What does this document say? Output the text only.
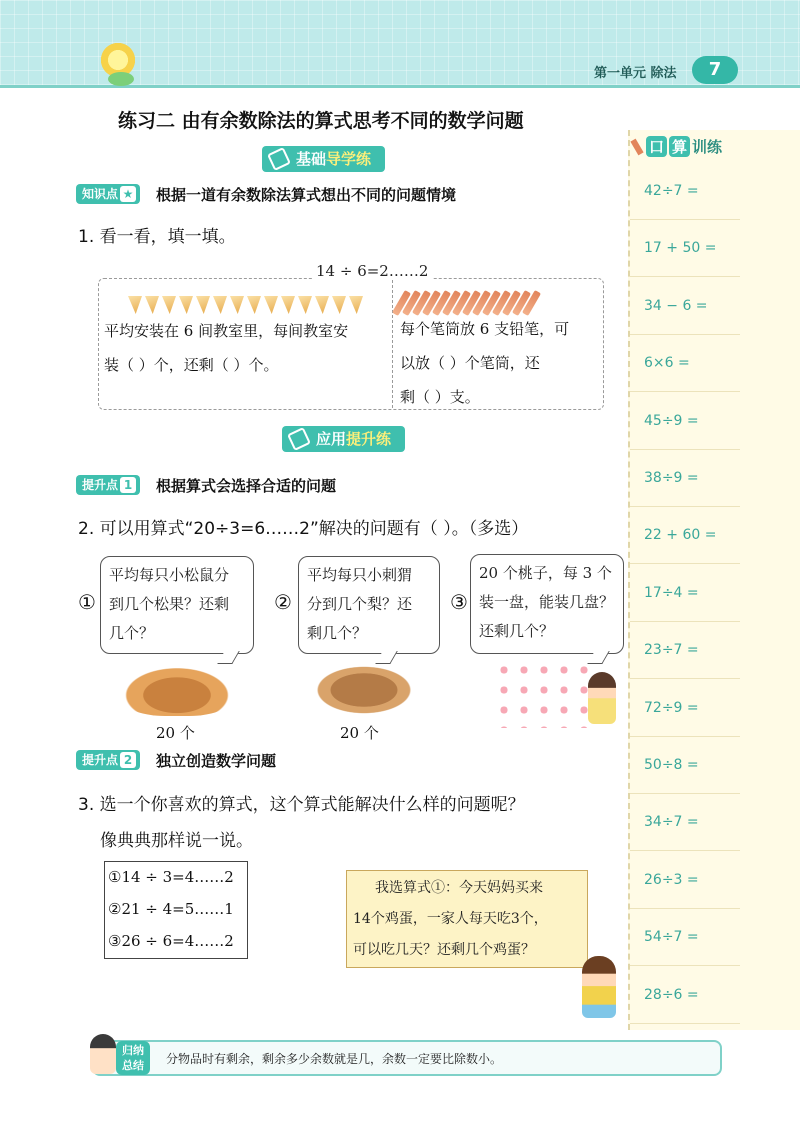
第一单元 除法	7
练习二 由有余数除法的算式思考不同的数学问题
基础导学练
知识点 ★	根据一道有余数除法算式想出不同的问题情境
1. 看一看，填一填。
14 ÷ 6=2……2
平均安装在 6 间教室里，每间教室安
装（ ）个，还剩（ ）个。
每个笔筒放 6 支铅笔，可
以放（ ）个笔筒，还
剩（ ）支。
应用提升练
提升点 1	根据算式会选择合适的问题
2. 可以用算式“20÷3=6……2”解决的问题有（ ）。（多选）
①
平均每只小松鼠分
到几个松果？还剩
几个？
20 个
②
平均每只小刺猬
分到几个梨？还
剩几个？
20 个
③
20 个桃子，每 3 个
装一盘，能装几盘？
还剩几个？
提升点 2	独立创造数学问题
3. 选一个你喜欢的算式，这个算式能解决什么样的问题呢？
像典典那样说一说。
①14 ÷ 3=4……2
②21 ÷ 4=5……1
③26 ÷ 6=4……2
我选算式①：今天妈妈买来
14个鸡蛋，一家人每天吃3个，
可以吃几天？还剩几个鸡蛋？
归纳
总结	分物品时有剩余，剩余多少余数就是几，余数一定要比除数小。
口 算 训练
42÷7 =
17 + 50 =
34 − 6 =
6×6 =
45÷9 =
38÷9 =
22 + 60 =
17÷4 =
23÷7 =
72÷9 =
50÷8 =
34÷7 =
26÷3 =
54÷7 =
28÷6 =
